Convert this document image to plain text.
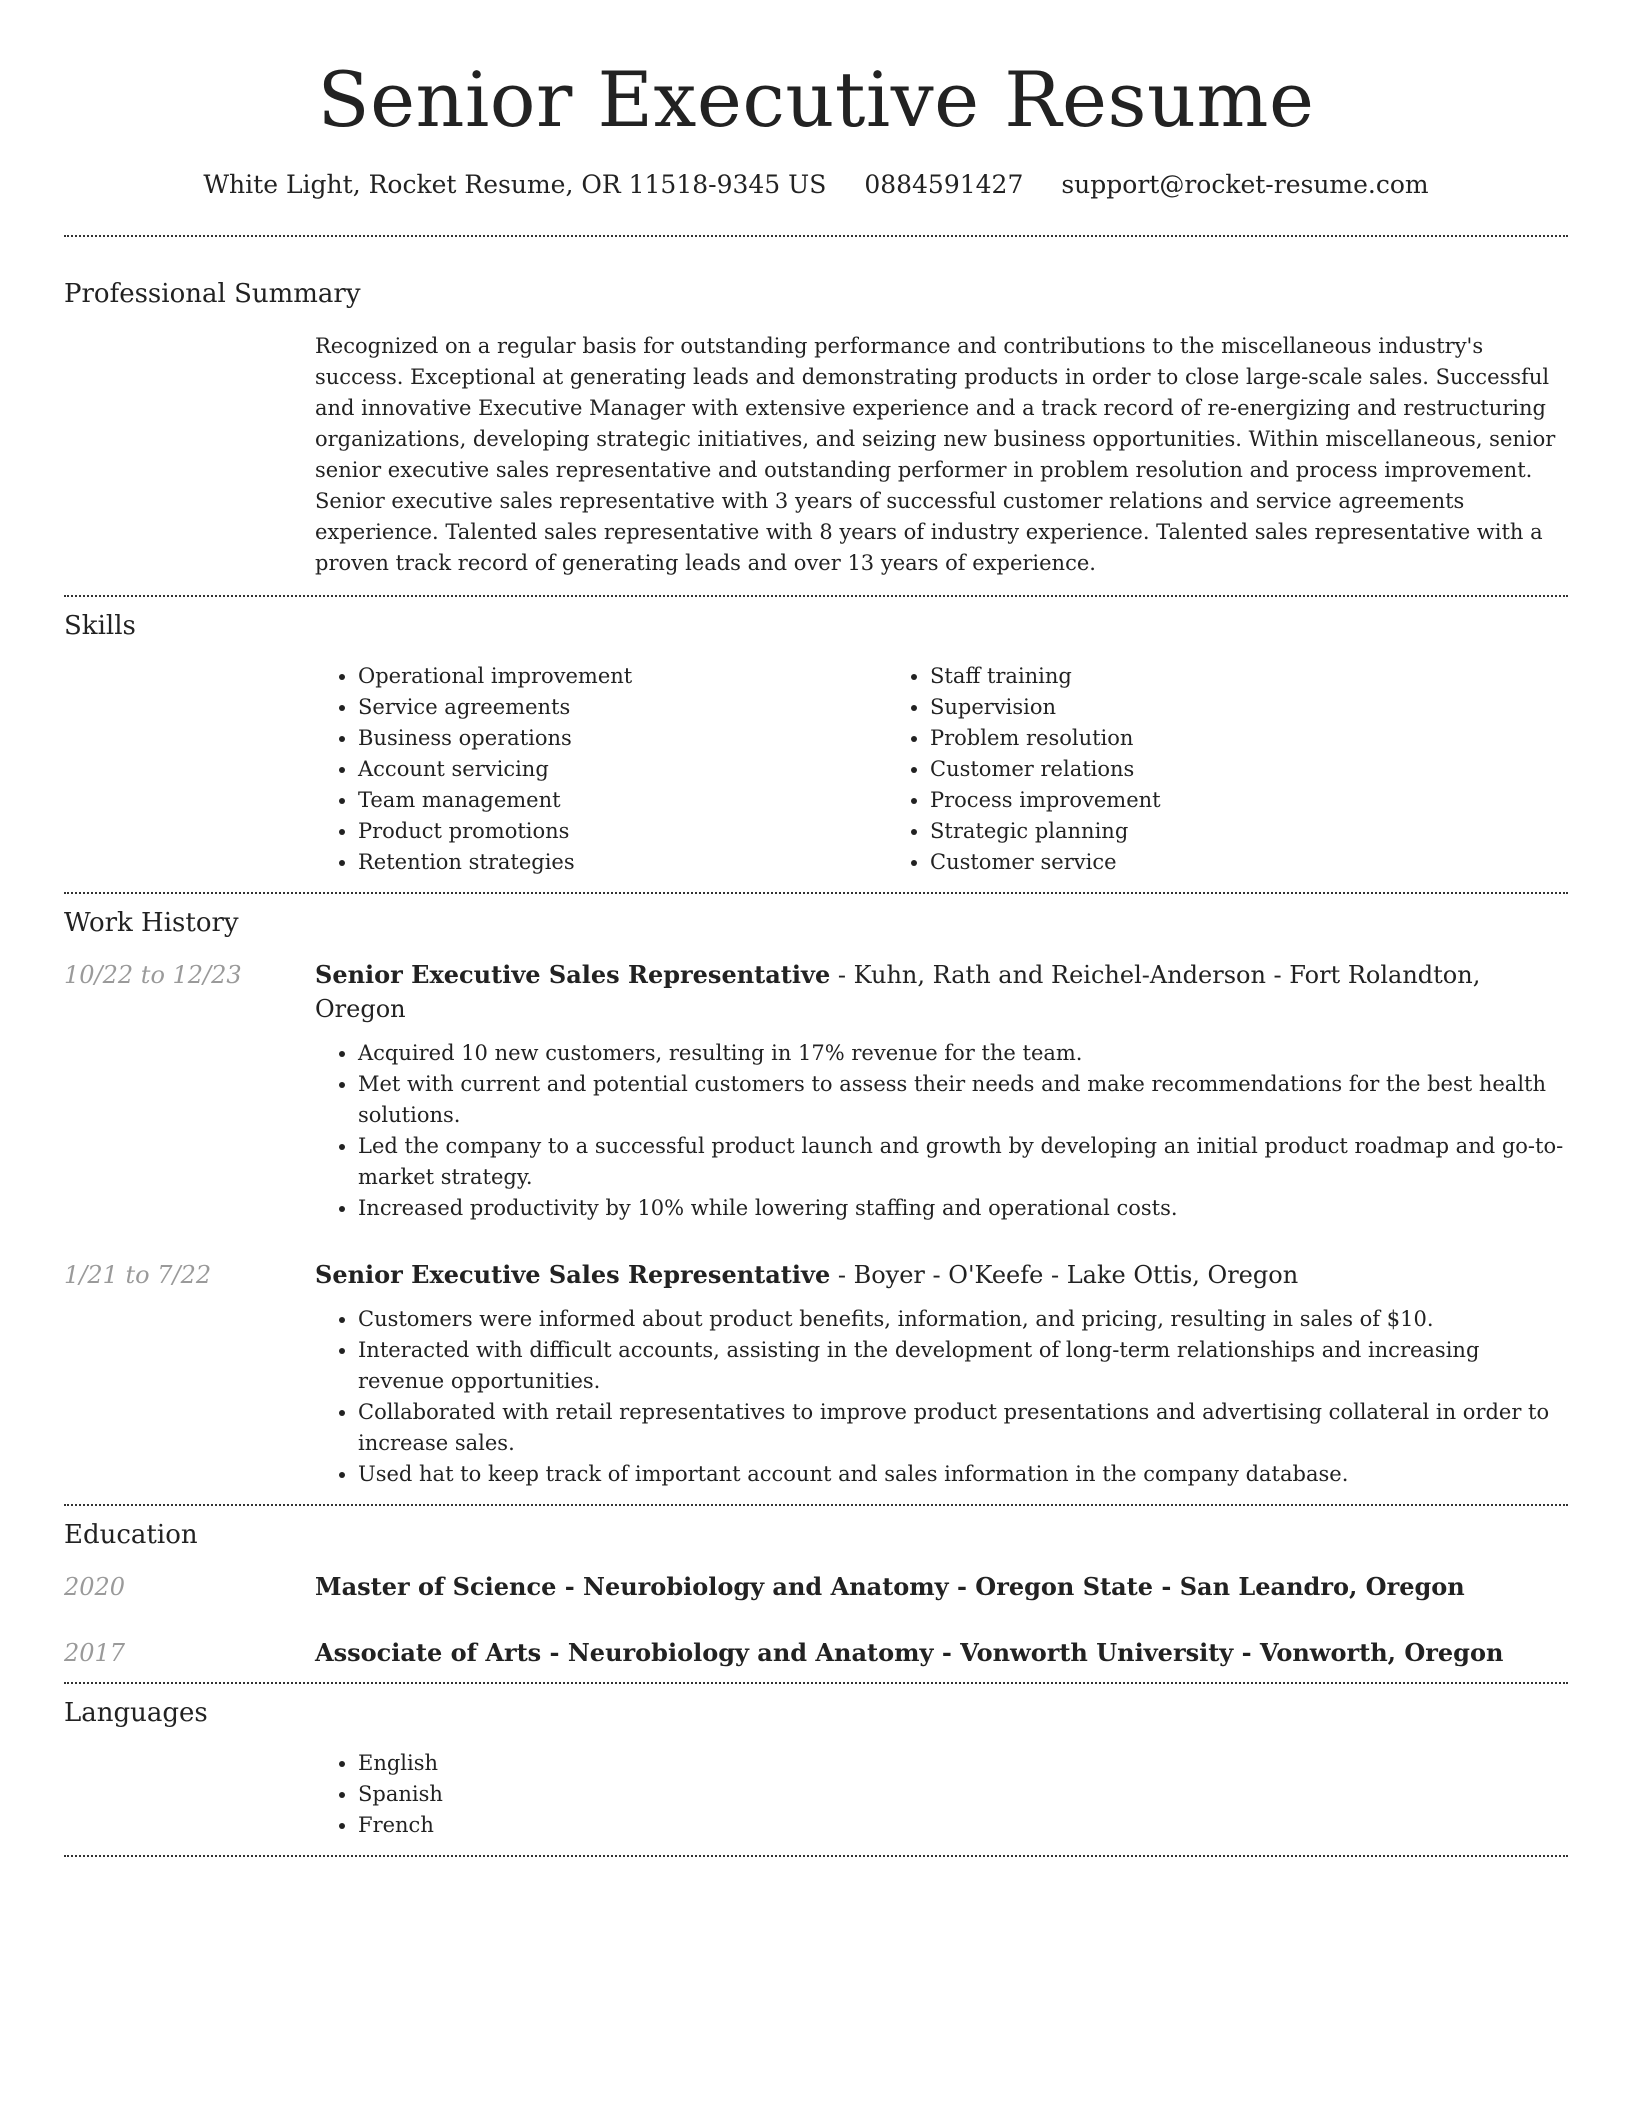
Senior Executive Resume
White Light, Rocket Resume, OR 11518-9345 US 0884591427 support@rocket-resume.com
Professional Summary
Recognized on a regular basis for outstanding performance and contributions to the miscellaneous industry's success. Exceptional at generating leads and demonstrating products in order to close large-scale sales. Successful and innovative Executive Manager with extensive experience and a track record of re-energizing and restructuring organizations, developing strategic initiatives, and seizing new business opportunities. Within miscellaneous, senior senior executive sales representative and outstanding performer in problem resolution and process improvement. Senior executive sales representative with 3 years of successful customer relations and service agreements experience. Talented sales representative with 8 years of industry experience. Talented sales representative with a proven track record of generating leads and over 13 years of experience.
Skills
• Operational improvement
• Service agreements
• Business operations
• Account servicing
• Team management
• Product promotions
• Retention strategies
• Staff training
• Supervision
• Problem resolution
• Customer relations
• Process improvement
• Strategic planning
• Customer service
Work History
10/22 to 12/23	Senior Executive Sales Representative - Kuhn, Rath and Reichel-Anderson - Fort Rolandton, Oregon
• Acquired 10 new customers, resulting in 17% revenue for the team.
• Met with current and potential customers to assess their needs and make recommendations for the best health solutions.
• Led the company to a successful product launch and growth by developing an initial product roadmap and go-to-market strategy.
• Increased productivity by 10% while lowering staffing and operational costs.
1/21 to 7/22	Senior Executive Sales Representative - Boyer - O'Keefe - Lake Ottis, Oregon
• Customers were informed about product benefits, information, and pricing, resulting in sales of $10.
• Interacted with difficult accounts, assisting in the development of long-term relationships and increasing revenue opportunities.
• Collaborated with retail representatives to improve product presentations and advertising collateral in order to increase sales.
• Used hat to keep track of important account and sales information in the company database.
Education
2020	Master of Science - Neurobiology and Anatomy - Oregon State - San Leandro, Oregon
2017	Associate of Arts - Neurobiology and Anatomy - Vonworth University - Vonworth, Oregon
Languages
• English
• Spanish
• French
